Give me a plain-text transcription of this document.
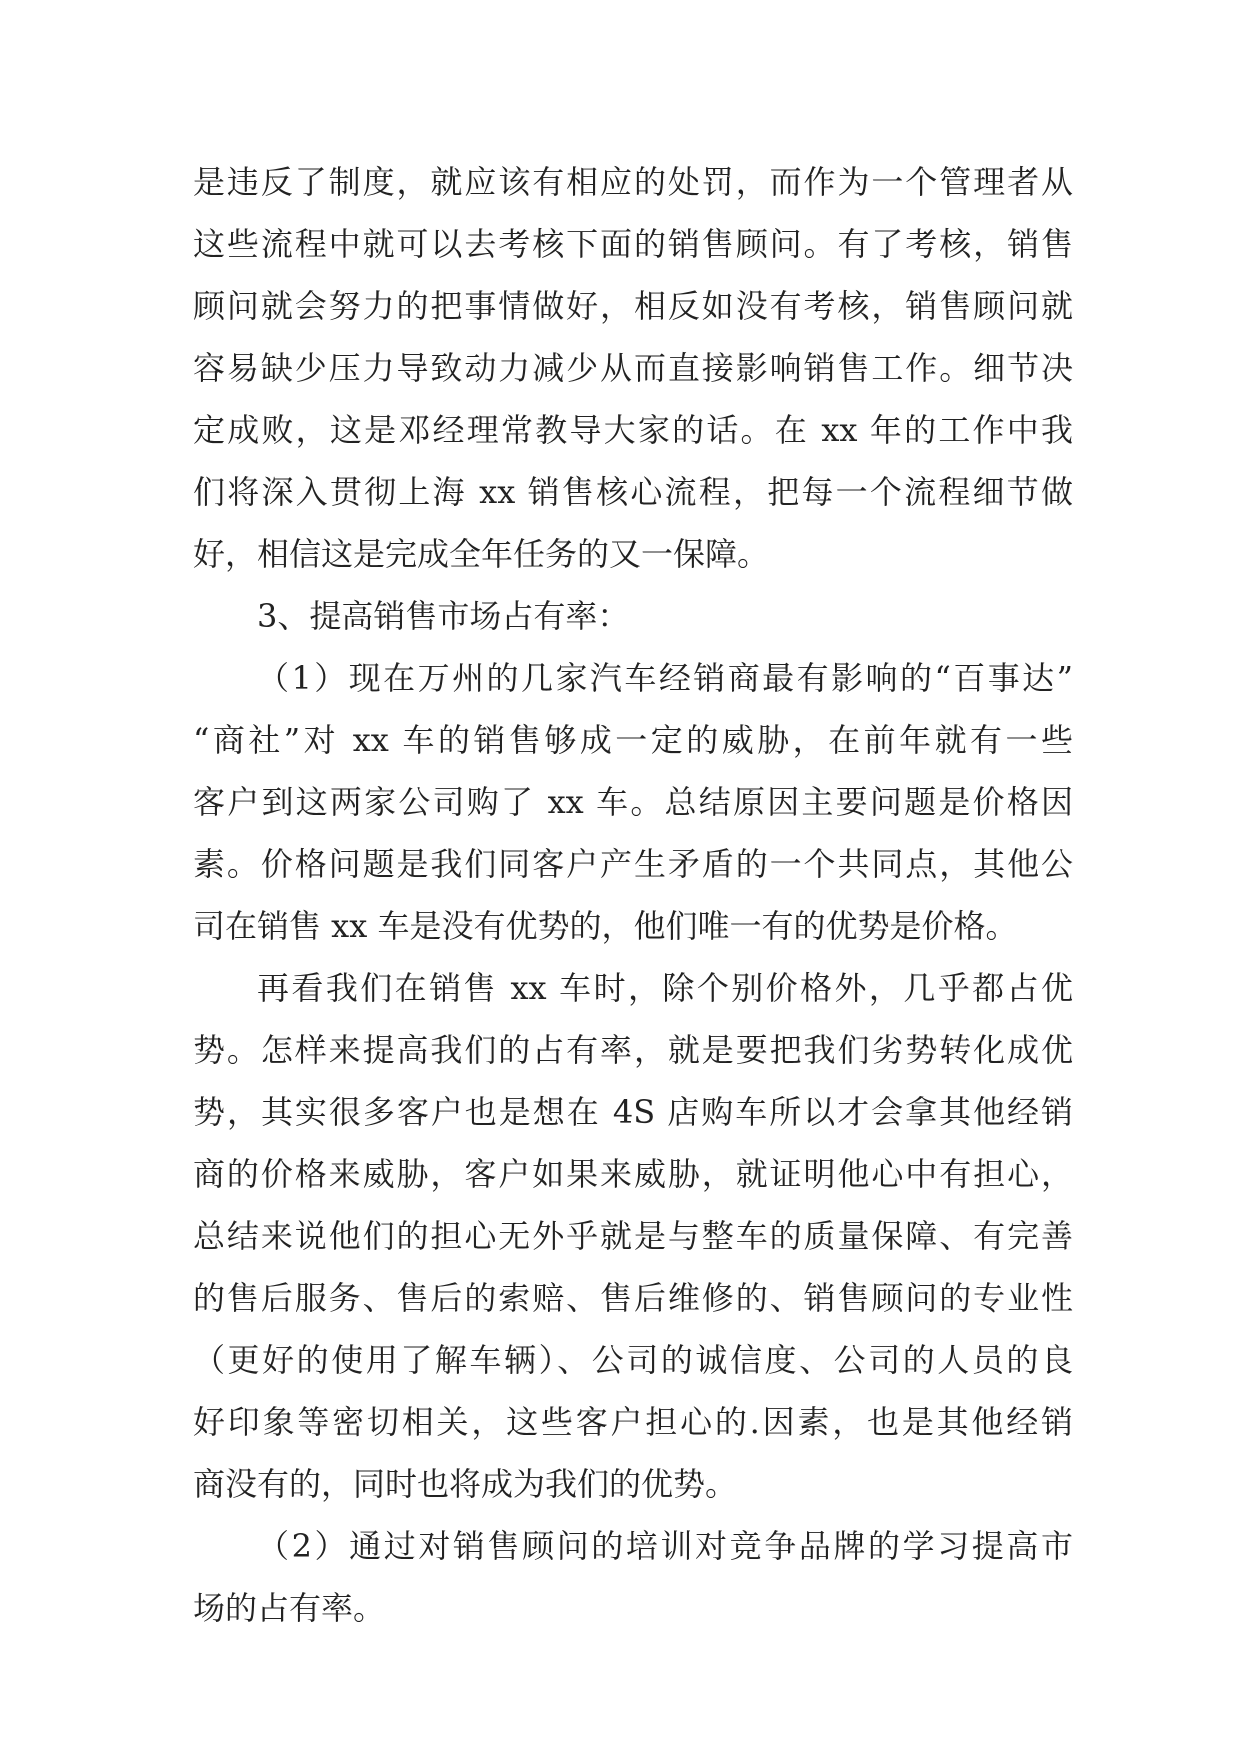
是违反了制度，就应该有相应的处罚，而作为一个管理者从
这些流程中就可以去考核下面的销售顾问。有了考核，销售
顾问就会努力的把事情做好，相反如没有考核，销售顾问就
容易缺少压力导致动力减少从而直接影响销售工作。细节决
定成败，这是邓经理常教导大家的话。在 xx 年的工作中我
们将深入贯彻上海 xx 销售核心流程，把每一个流程细节做
好，相信这是完成全年任务的又一保障。
3、提高销售市场占有率：
（1）现在万州的几家汽车经销商最有影响的“百事达”
“商社”对 xx 车的销售够成一定的威胁，在前年就有一些
客户到这两家公司购了 xx 车。总结原因主要问题是价格因
素。价格问题是我们同客户产生矛盾的一个共同点，其他公
司在销售 xx 车是没有优势的，他们唯一有的优势是价格。
再看我们在销售 xx 车时，除个别价格外，几乎都占优
势。怎样来提高我们的占有率，就是要把我们劣势转化成优
势，其实很多客户也是想在 4S 店购车所以才会拿其他经销
商的价格来威胁，客户如果来威胁，就证明他心中有担心，
总结来说他们的担心无外乎就是与整车的质量保障、有完善
的售后服务、售后的索赔、售后维修的、销售顾问的专业性
（更好的使用了解车辆）、公司的诚信度、公司的人员的良
好印象等密切相关，这些客户担心的.因素，也是其他经销
商没有的，同时也将成为我们的优势。
（2）通过对销售顾问的培训对竞争品牌的学习提高市
场的占有率。
